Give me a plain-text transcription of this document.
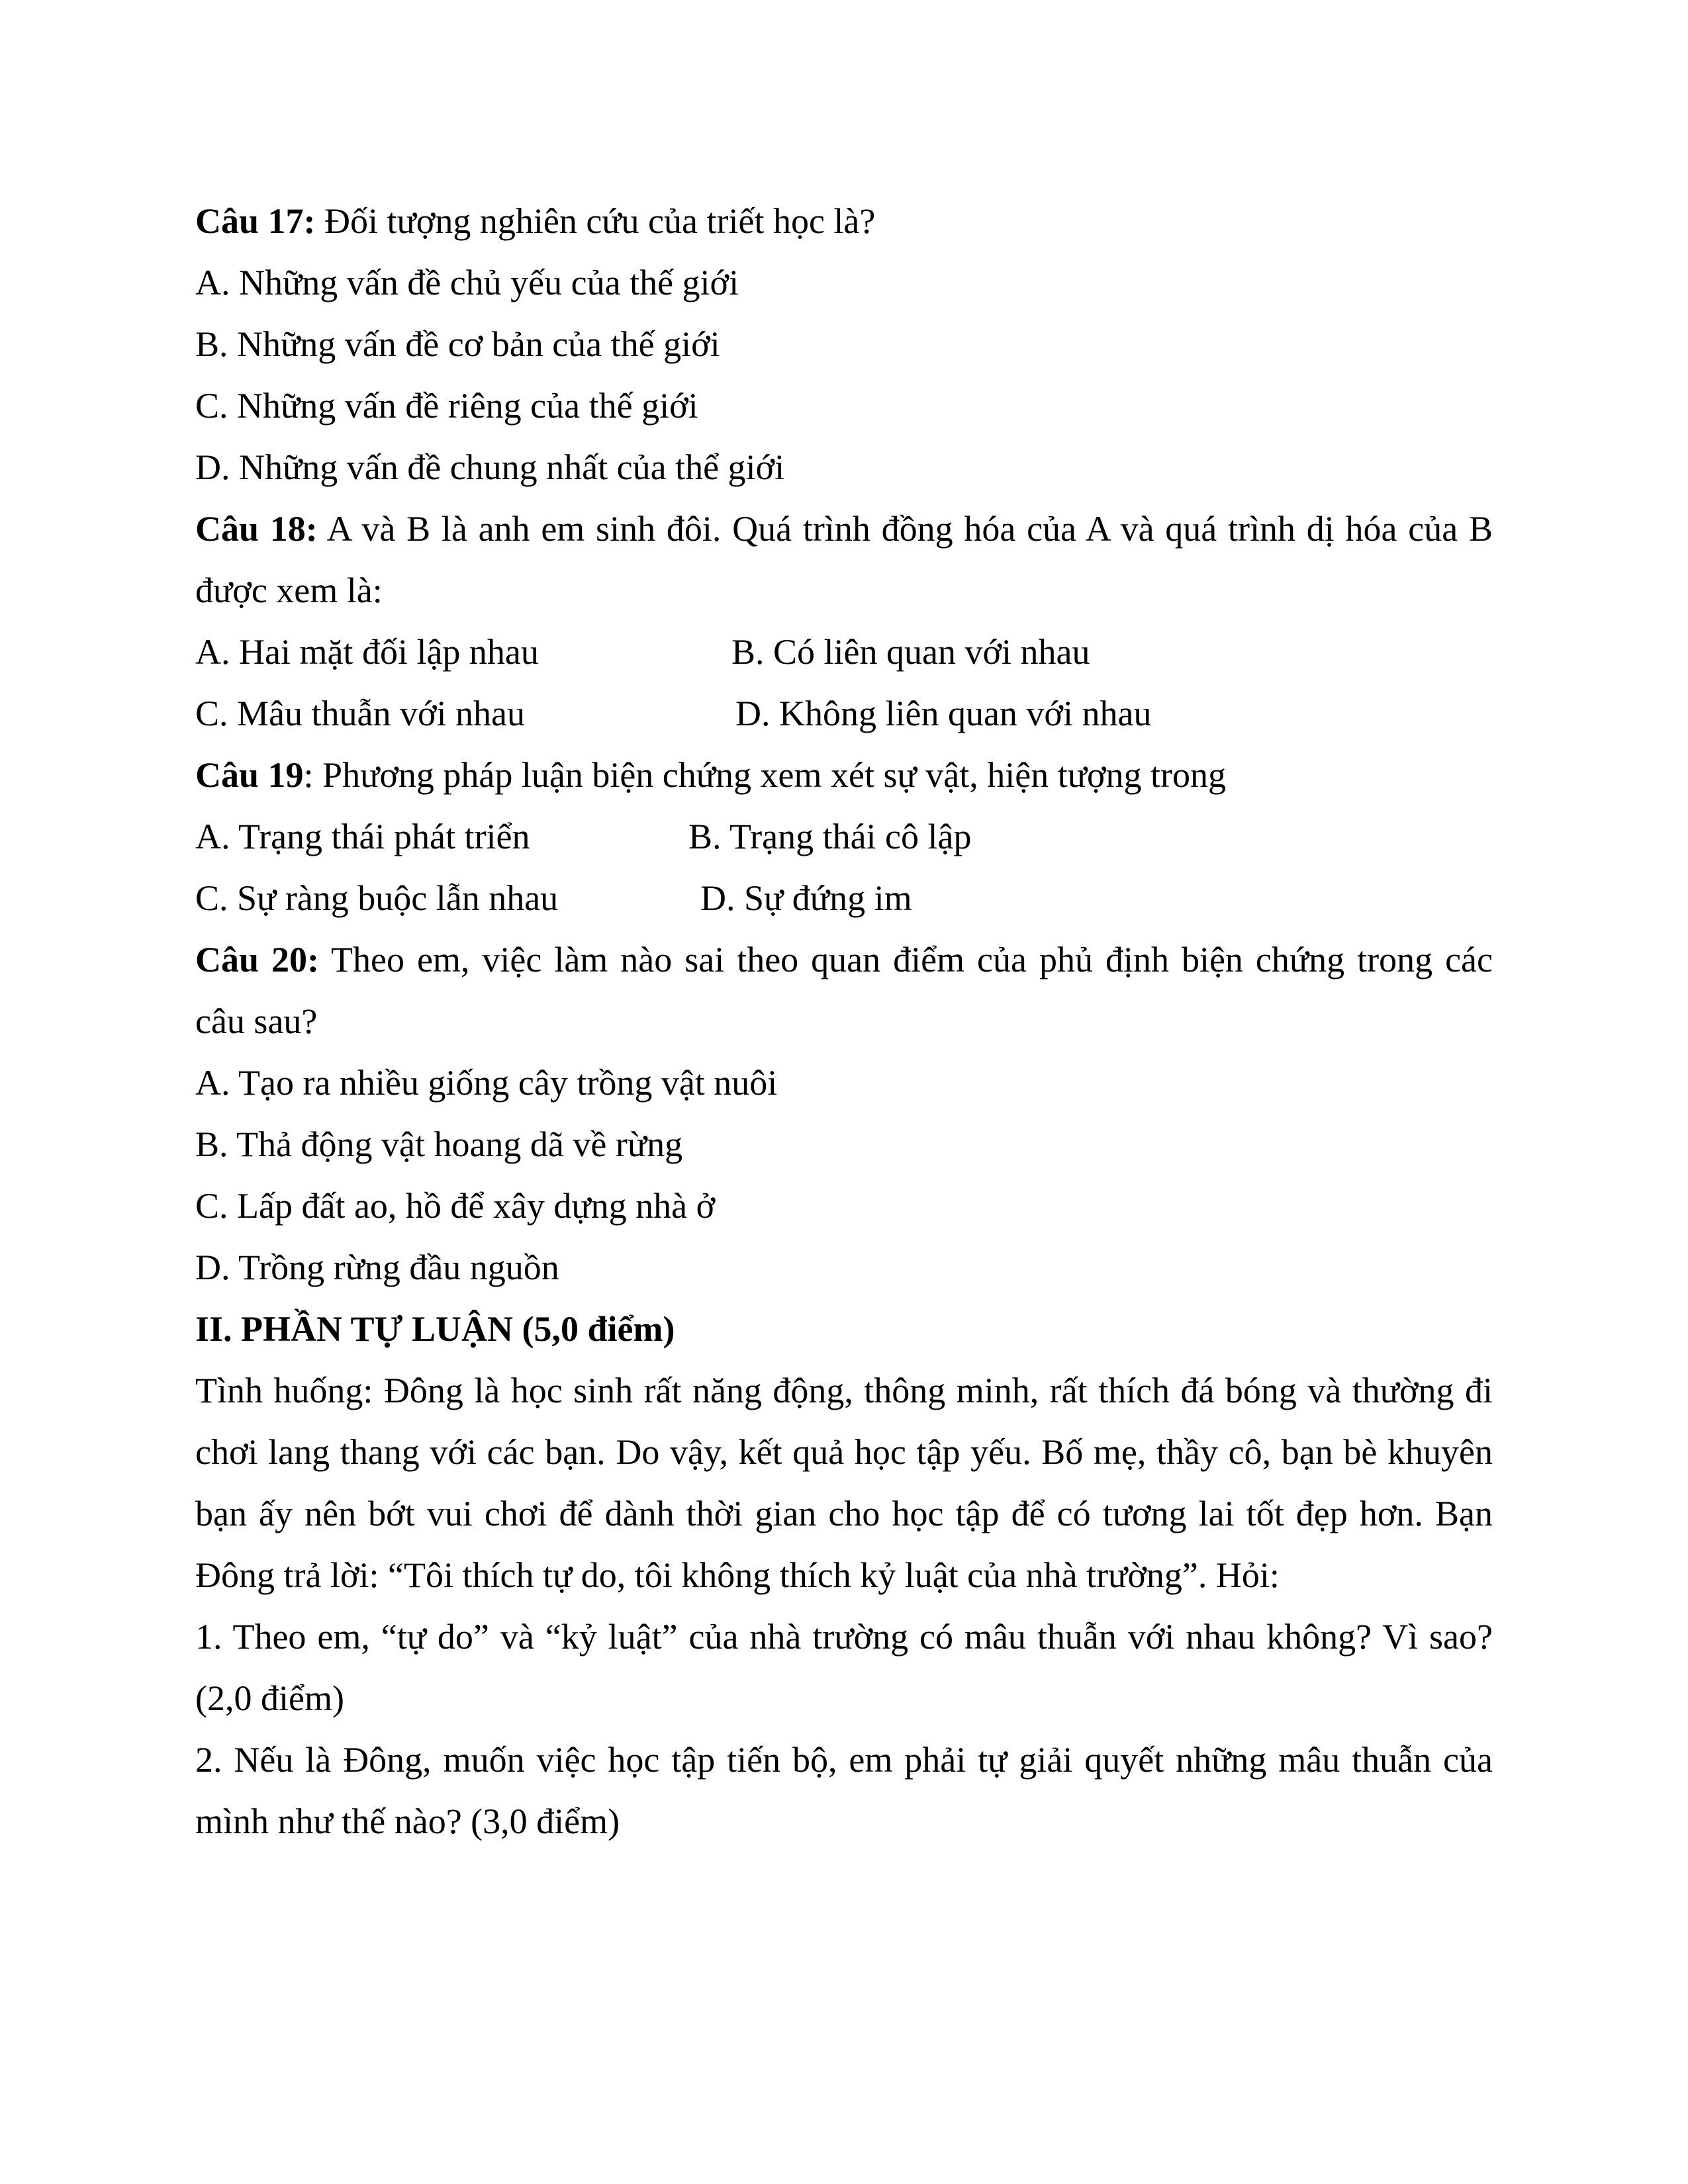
Câu 17: Đối tượng nghiên cứu của triết học là?
A. Những vấn đề chủ yếu của thế giới
B. Những vấn đề cơ bản của thế giới
C. Những vấn đề riêng của thế giới
D. Những vấn đề chung nhất của thể giới
Câu 18: A và B là anh em sinh đôi. Quá trình đồng hóa của A và quá trình dị hóa của B
được xem là:
A. Hai mặt đối lập nhau	B. Có liên quan với nhau
C. Mâu thuẫn với nhau	D. Không liên quan với nhau
Câu 19: Phương pháp luận biện chứng xem xét sự vật, hiện tượng trong
A. Trạng thái phát triển	B. Trạng thái cô lập
C. Sự ràng buộc lẫn nhau	D. Sự đứng im
Câu 20: Theo em, việc làm nào sai theo quan điểm của phủ định biện chứng trong các
câu sau?
A. Tạo ra nhiều giống cây trồng vật nuôi
B. Thả động vật hoang dã về rừng
C. Lấp đất ao, hồ để xây dựng nhà ở
D. Trồng rừng đầu nguồn
II. PHẦN TỰ LUẬN (5,0 điểm)
Tình huống: Đông là học sinh rất năng động, thông minh, rất thích đá bóng và thường đi
chơi lang thang với các bạn. Do vậy, kết quả học tập yếu. Bố mẹ, thầy cô, bạn bè khuyên
bạn ấy nên bớt vui chơi để dành thời gian cho học tập để có tương lai tốt đẹp hơn. Bạn
Đông trả lời: “Tôi thích tự do, tôi không thích kỷ luật của nhà trường”. Hỏi:
1. Theo em, “tự do” và “kỷ luật” của nhà trường có mâu thuẫn với nhau không? Vì sao?
(2,0 điểm)
2. Nếu là Đông, muốn việc học tập tiến bộ, em phải tự giải quyết những mâu thuẫn của
mình như thế nào? (3,0 điểm)
